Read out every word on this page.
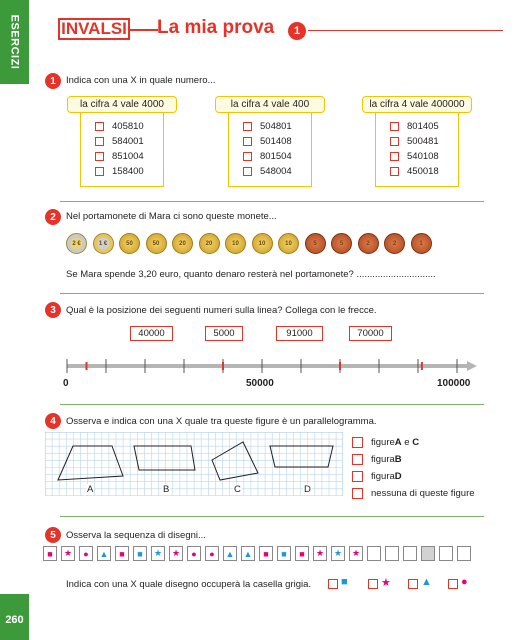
ESERCIZI
260
INVALSI La mia prova	1
1	Indica con una X in quale numero...
la cifra 4 vale 4000
405810
584001
851004
158400
la cifra 4 vale 400
504801
501408
801504
548004
la cifra 4 vale 400000
801405
500481
540108
450018
2	Nel portamonete di Mara ci sono queste monete...
2 €	1 €	50	50	20	20	10	10	10	5	5	2	2	1
Se Mara spende 3,20 euro, quanto denaro resterà nel portamonete? ..............................
3	Qual è la posizione dei seguenti numeri sulla linea? Collega con le frecce.
40000	5000	91000	70000
0	50000	100000
4	Osserva e indica con una X quale tra queste figure è un parallelogramma.
A	B	C	D
figure A e C
figura B
figura D
nessuna di queste figure
5	Osserva la sequenza di disegni...
■ ★ ● ▲ ■ ■ ★ ★ ● ● ▲ ▲ ■ ■ ■ ★ ★ ★
Indica con una X quale disegno occuperà la casella grigia.	■	★	▲	●
